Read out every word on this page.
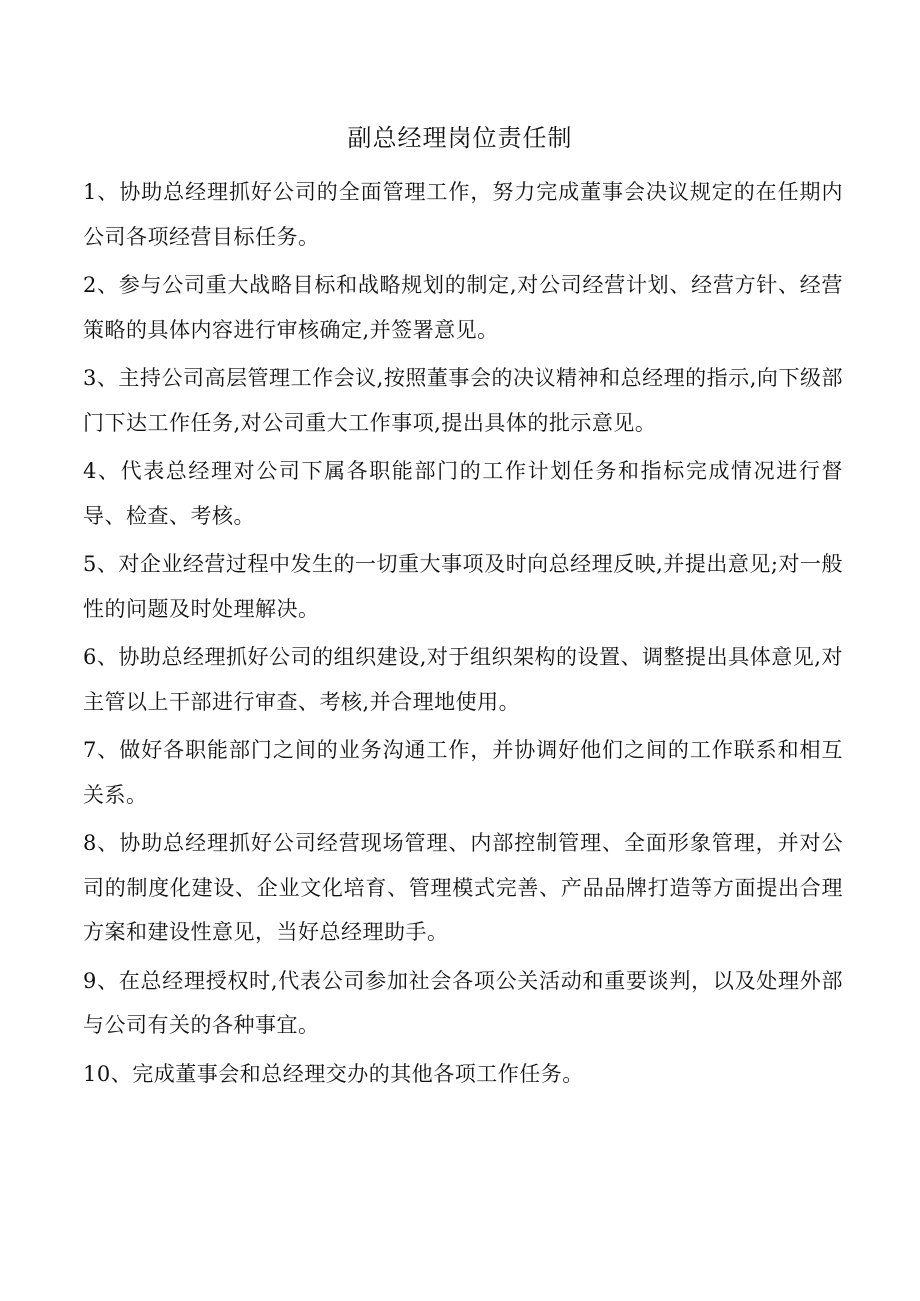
副总经理岗位责任制

1、协助总经理抓好公司的全面管理工作，努力完成董事会决议规定的在任期内公司各项经营目标任务。

2、参与公司重大战略目标和战略规划的制定,对公司经营计划、经营方针、经营策略的具体内容进行审核确定,并签署意见。

3、主持公司高层管理工作会议,按照董事会的决议精神和总经理的指示,向下级部门下达工作任务,对公司重大工作事项,提出具体的批示意见。

4、代表总经理对公司下属各职能部门的工作计划任务和指标完成情况进行督导、检查、考核。

5、对企业经营过程中发生的一切重大事项及时向总经理反映,并提出意见;对一般性的问题及时处理解决。

6、协助总经理抓好公司的组织建设,对于组织架构的设置、调整提出具体意见,对主管以上干部进行审查、考核,并合理地使用。

7、做好各职能部门之间的业务沟通工作，并协调好他们之间的工作联系和相互关系。

8、协助总经理抓好公司经营现场管理、内部控制管理、全面形象管理，并对公司的制度化建设、企业文化培育、管理模式完善、产品品牌打造等方面提出合理方案和建设性意见，当好总经理助手。

9、在总经理授权时,代表公司参加社会各项公关活动和重要谈判，以及处理外部与公司有关的各种事宜。

10、完成董事会和总经理交办的其他各项工作任务。
